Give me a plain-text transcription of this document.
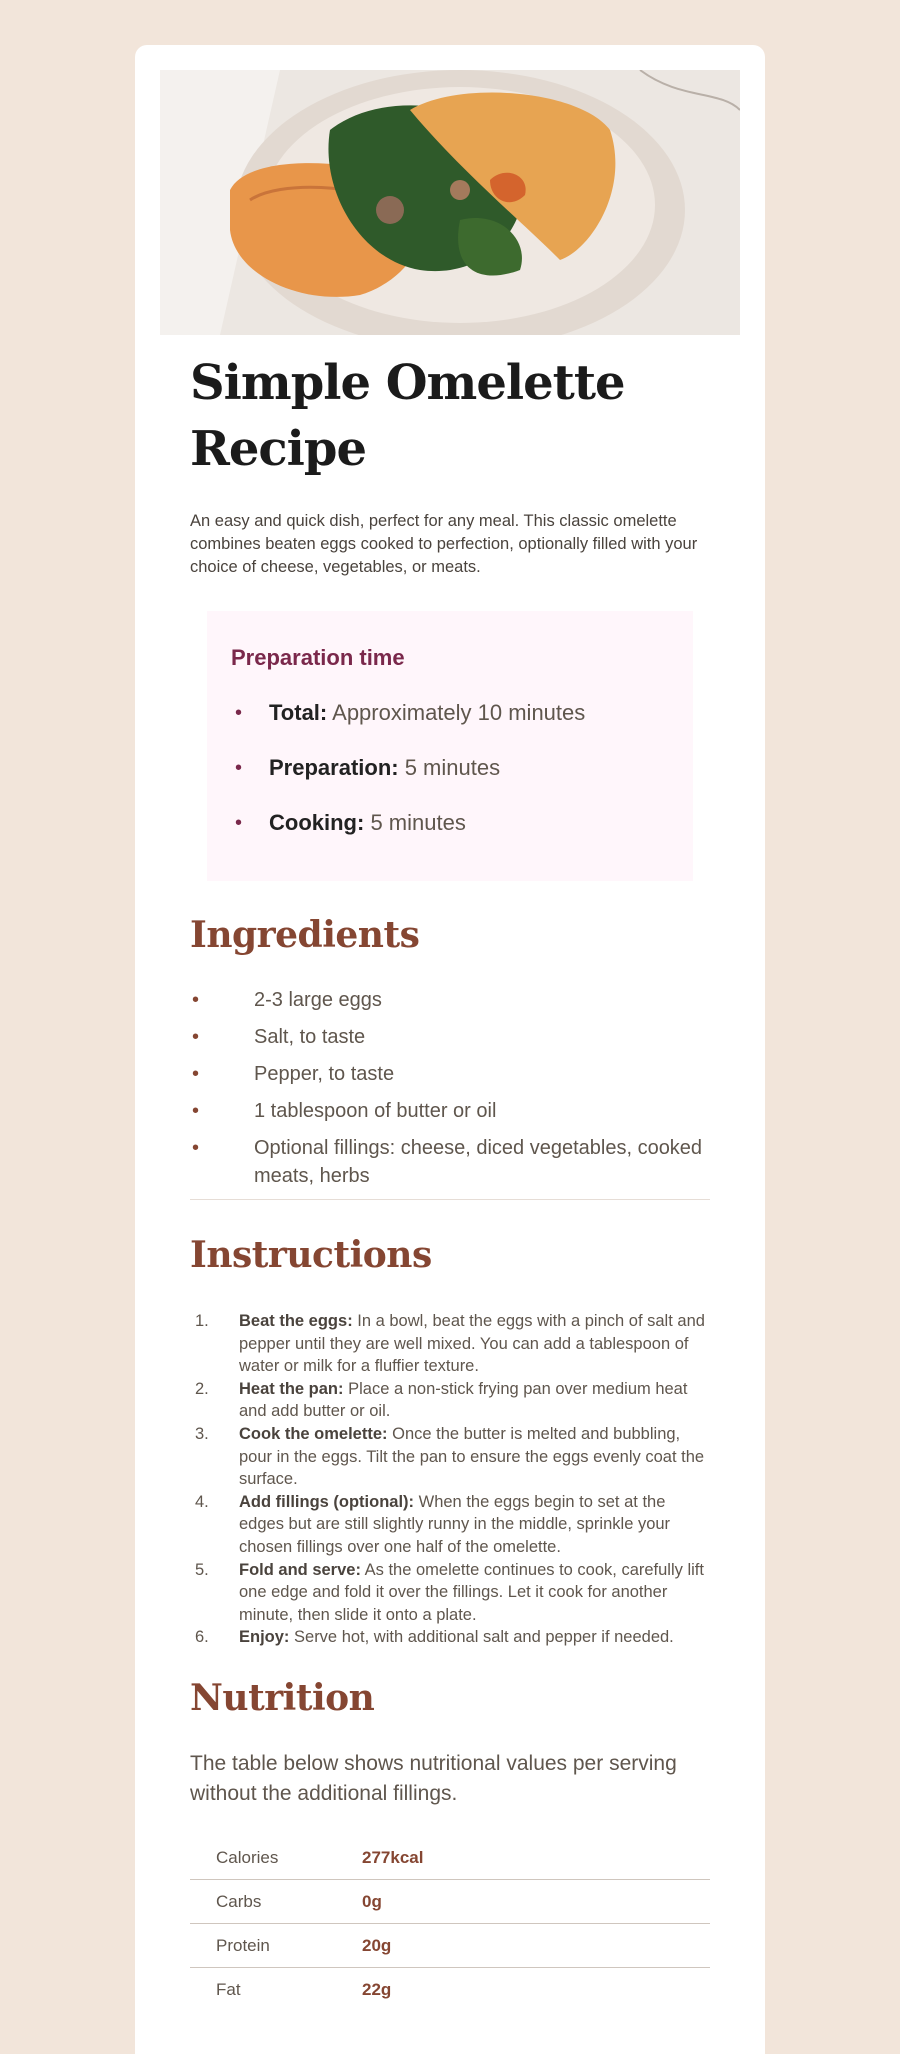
Simple Omelette Recipe

An easy and quick dish, perfect for any meal. This classic omelette combines beaten eggs cooked to perfection, optionally filled with your choice of cheese, vegetables, or meats.

Preparation time
• Total: Approximately 10 minutes
• Preparation: 5 minutes
• Cooking: 5 minutes
Ingredients
• 2-3 large eggs
• Salt, to taste
• Pepper, to taste
• 1 tablespoon of butter or oil
• Optional fillings: cheese, diced vegetables, cooked meats, herbs
Instructions
1. Beat the eggs: In a bowl, beat the eggs with a pinch of salt and pepper until they are well mixed. You can add a tablespoon of water or milk for a fluffier texture.
2. Heat the pan: Place a non-stick frying pan over medium heat and add butter or oil.
3. Cook the omelette: Once the butter is melted and bubbling, pour in the eggs. Tilt the pan to ensure the eggs evenly coat the surface.
4. Add fillings (optional): When the eggs begin to set at the edges but are still slightly runny in the middle, sprinkle your chosen fillings over one half of the omelette.
5. Fold and serve: As the omelette continues to cook, carefully lift one edge and fold it over the fillings. Let it cook for another minute, then slide it onto a plate.
6. Enjoy: Serve hot, with additional salt and pepper if needed.
Nutrition

The table below shows nutritional values per serving without the additional fillings.

Calories	277kcal
Carbs	0g
Protein	20g
Fat	22g
